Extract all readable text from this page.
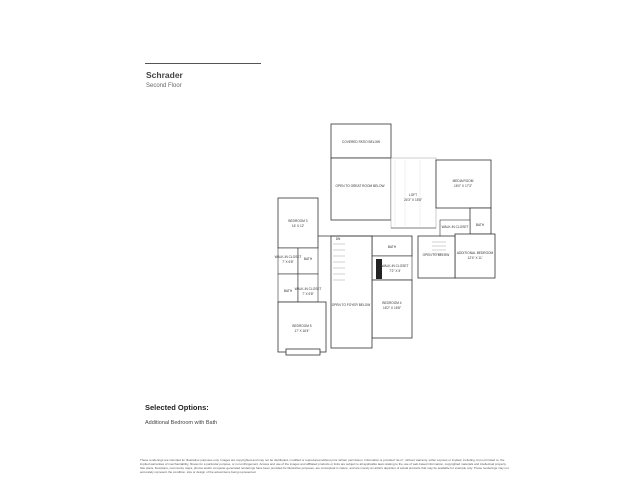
Schrader
Second Floor
COVERED PATIO BELOW
OPEN TO GREAT ROOM BELOW
LOFT
24'3" X 15'8"
MEDIA ROOM
16'0" X 17'3"
BEDROOM 3
16' X 12'
WALK-IN CLOSET
7' X 6'8"
BATH
BATH WALK-IN CLOSET
7' X 6'8"
BEDROOM 5
17' X 16'4"
BATH
WALK-IN CLOSET
7'2" X 5'
BEDROOM 4
16'2" X 15'8"
OPEN TO FOYER BELOW
WALK-IN CLOSET
OPEN TO BELOW
BATH
ADDITIONAL BEDROOM
12'4" X 11'
DN
Selected Options:
Additional Bedroom with Bath
These renderings are intended for illustrative purposes only. Images are copyrighted and may not be distributed, modified or reproduced without prior written permission. Information is provided "as is", without warranty, either express or implied, including, but not limited to, the implied warranties of merchantability, fitness for a particular purpose, or non-infringement. Access and use of the images and affiliated products or links are subject to all applicable laws relating to the use of web-based information, copyrighted materials and intellectual property. Site plans, floorplans, community maps, photos and/or computer-generated renderings have been provided for illustrative purposes, are conceptual in nature, and are merely an artist's depiction of actual products that may be available for example only. These renderings may not accurately represent the condition, size or design of the actual items being represented.
